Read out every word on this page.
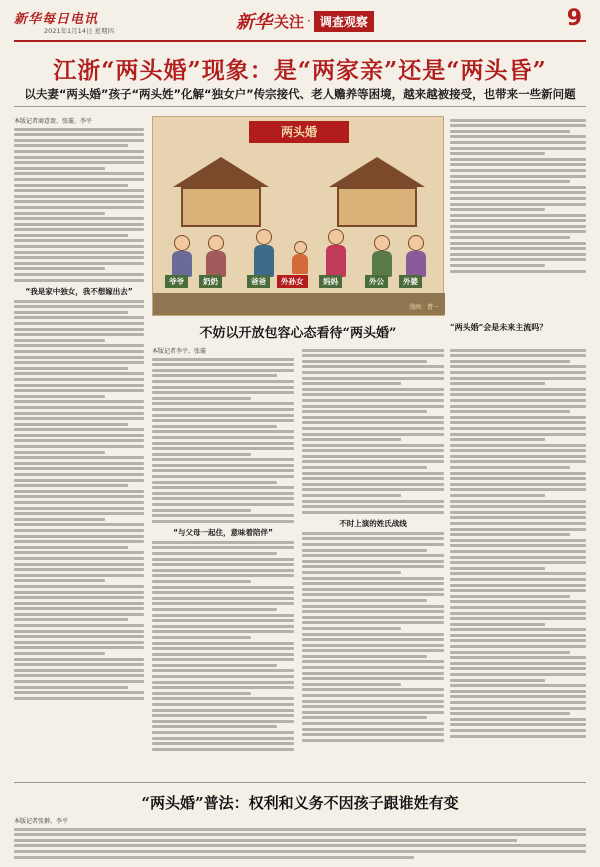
新华每日电讯
2021年1月14日 星期四	新华 关注 · 调查观察	9
江浙“两头婚”现象：是“两家亲”还是“两头昏”
以夫妻“两头婚”孩子“两头姓”化解“独女户”传宗接代、老人赡养等困境，越来越被接受，也带来一些新问题
本版记者商意盈、张璇、李平
“我是家中独女，我不想嫁出去”
两头婚
爷爷	奶奶	爸爸	外孙女	妈妈	外公	外婆
漫画：曹一
不妨以开放包容心态看待“两头婚”	“两头婚”会是未来主流吗？
本版记者李平、张璇
“与父母一起住，意味着陪伴”
不时上演的姓氏战线
“两头婚”普法：权利和义务不因孩子跟谁姓有变
本版记者张翀、李平
